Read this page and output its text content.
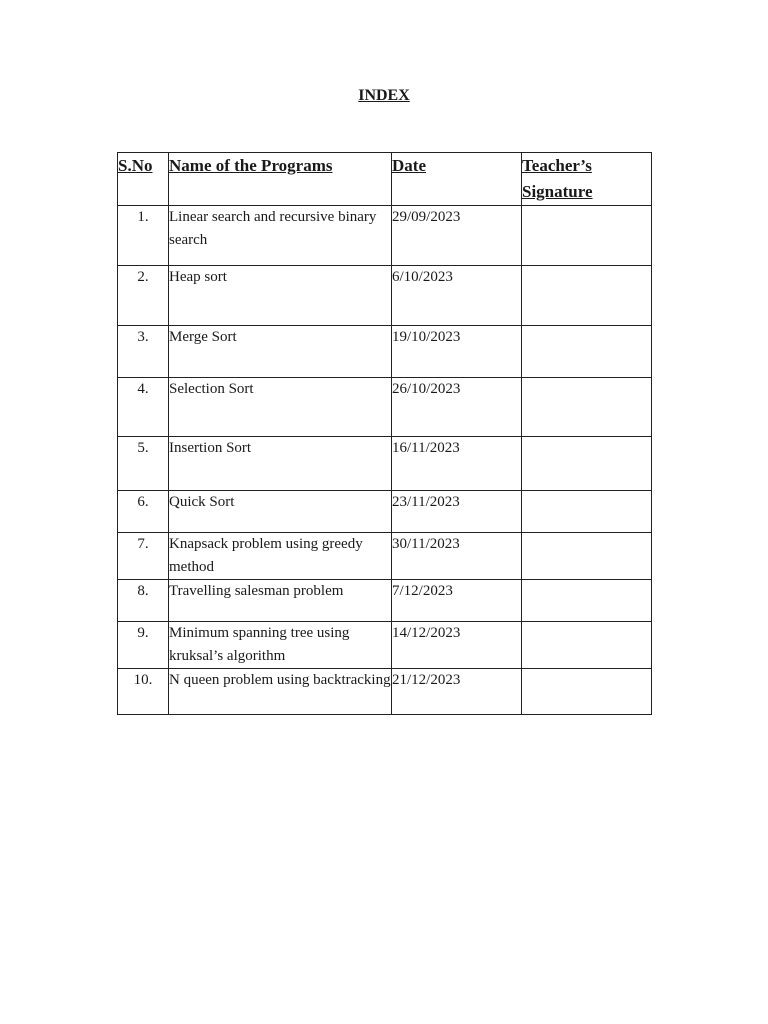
INDEX
S.No	Name of the Programs	Date	Teacher’s
Signature
1.	Linear search and recursive binary search	29/09/2023	
2.	Heap sort	6/10/2023	
3.	Merge Sort	19/10/2023	
4.	Selection Sort	26/10/2023	
5.	Insertion Sort	16/11/2023	
6.	Quick Sort	23/11/2023	
7.	Knapsack problem using greedy method	30/11/2023	
8.	Travelling salesman problem	7/12/2023	
9.	Minimum spanning tree using kruksal’s algorithm	14/12/2023	
10.	N queen problem using backtracking	21/12/2023	
